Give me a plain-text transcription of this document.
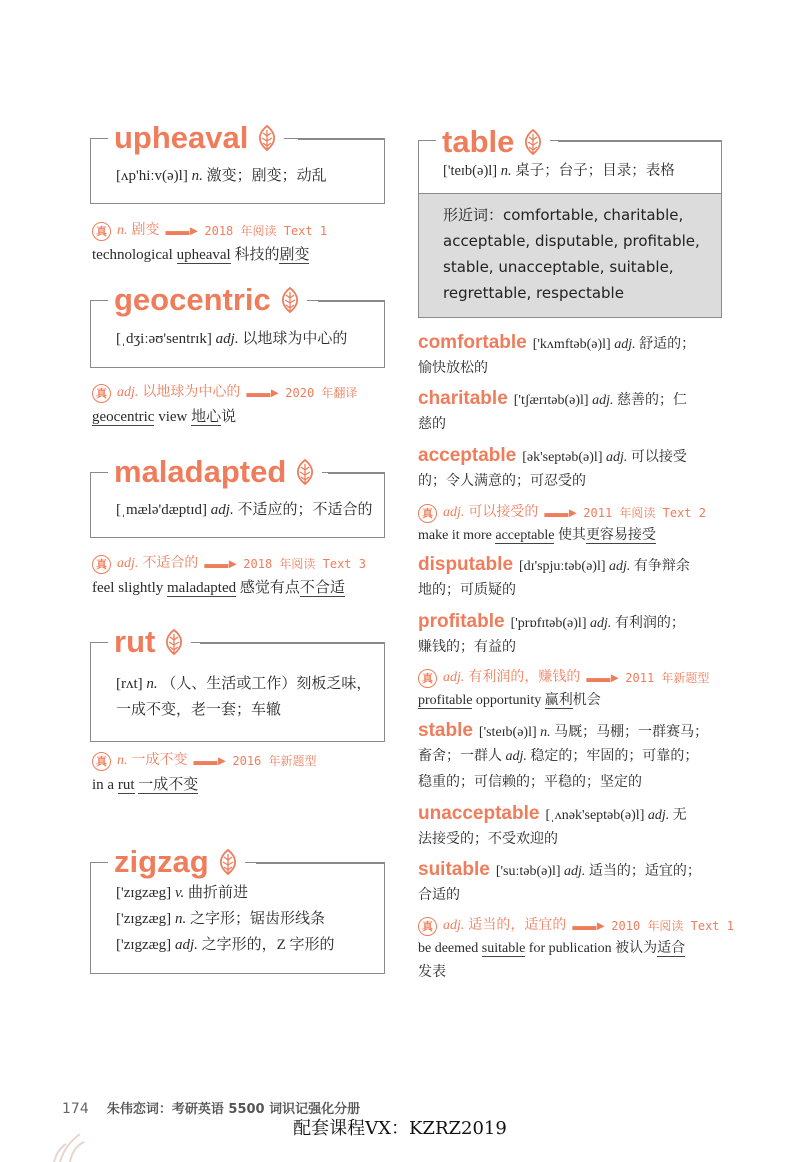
upheaval
[ʌp'hiːv(ə)l] n. 激变；剧变；动乱
真 n. 剧变 ▬▬► 2018 年阅读 Text 1
technological upheaval 科技的剧变
geocentric
[ˌdʒiːəʊ'sentrɪk] adj. 以地球为中心的
真 adj. 以地球为中心的 ▬▬► 2020 年翻译
geocentric view 地心说
maladapted
[ˌmælə'dæptɪd] adj. 不适应的；不适合的
真 adj. 不适合的 ▬▬► 2018 年阅读 Text 3
feel slightly maladapted 感觉有点不合适
rut
[rʌt] n. （人、生活或工作）刻板乏味，
一成不变，老一套；车辙
真 n. 一成不变 ▬▬► 2016 年新题型
in a rut 一成不变
zigzag
['zɪgzæg] v. 曲折前进
['zɪgzæg] n. 之字形；锯齿形线条
['zɪgzæg] adj. 之字形的，Z 字形的
table
['teɪb(ə)l] n. 桌子；台子；目录；表格
形近词：comfortable, charitable,
acceptable, disputable, profitable,
stable, unacceptable, suitable,
regrettable, respectable
comfortable ['kʌmftəb(ə)l] adj. 舒适的；
愉快放松的
charitable ['tʃærɪtəb(ə)l] adj. 慈善的；仁
慈的
acceptable [ək'septəb(ə)l] adj. 可以接受
的；令人满意的；可忍受的
真 adj. 可以接受的 ▬▬► 2011 年阅读 Text 2
make it more acceptable 使其更容易接受
disputable [dɪ'spjuːtəb(ə)l] adj. 有争辩余
地的；可质疑的
profitable ['prɒfɪtəb(ə)l] adj. 有利润的；
赚钱的；有益的
真 adj. 有利润的，赚钱的 ▬▬► 2011 年新题型
profitable opportunity 赢利机会
stable ['steɪb(ə)l] n. 马厩；马棚；一群赛马；
畜舍；一群人 adj. 稳定的；牢固的；可靠的；
稳重的；可信赖的；平稳的；坚定的
unacceptable [ˌʌnək'septəb(ə)l] adj. 无
法接受的；不受欢迎的
suitable ['suːtəb(ə)l] adj. 适当的；适宜的；
合适的
真 adj. 适当的，适宜的 ▬▬► 2010 年阅读 Text 1
be deemed suitable for publication 被认为适合
发表
174 朱伟恋词：考研英语 5500 词识记强化分册
配套课程VX：KZRZ2019
